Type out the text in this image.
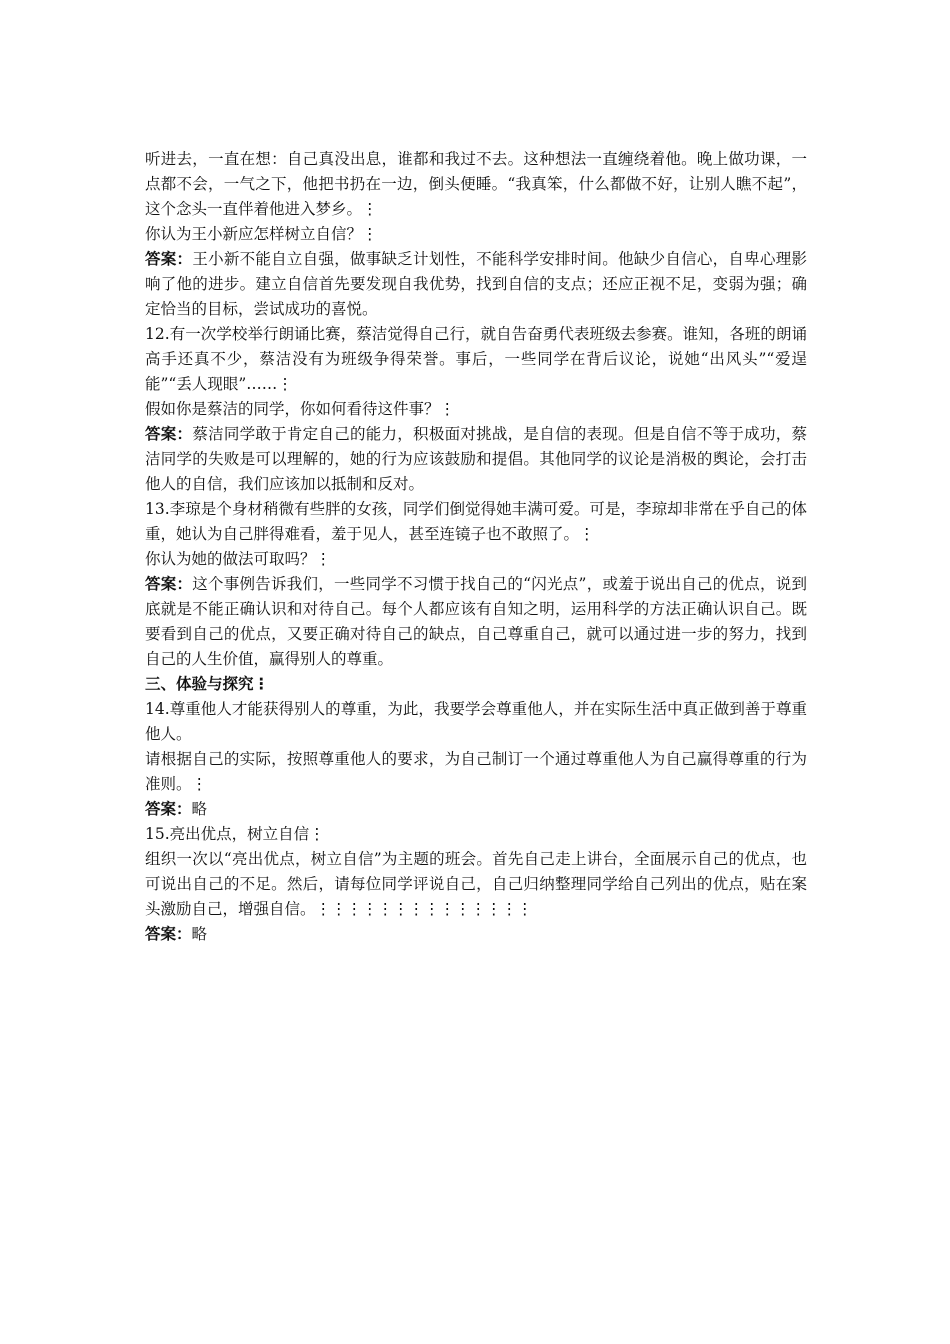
听进去，一直在想：自己真没出息，谁都和我过不去。这种想法一直缠绕着他。晚上做功课，一点都不会，一气之下，他把书扔在一边，倒头便睡。“我真笨，什么都做不好，让别人瞧不起”，这个念头一直伴着他进入梦乡。⋮

你认为王小新应怎样树立自信？⋮

答案：王小新不能自立自强，做事缺乏计划性，不能科学安排时间。他缺少自信心，自卑心理影响了他的进步。建立自信首先要发现自我优势，找到自信的支点；还应正视不足，变弱为强；确定恰当的目标，尝试成功的喜悦。

12.有一次学校举行朗诵比赛，蔡洁觉得自己行，就自告奋勇代表班级去参赛。谁知，各班的朗诵高手还真不少，蔡洁没有为班级争得荣誉。事后，一些同学在背后议论，说她“出风头”“爱逞能”“丢人现眼”……⋮

假如你是蔡洁的同学，你如何看待这件事？⋮

答案：蔡洁同学敢于肯定自己的能力，积极面对挑战，是自信的表现。但是自信不等于成功，蔡洁同学的失败是可以理解的，她的行为应该鼓励和提倡。其他同学的议论是消极的舆论，会打击他人的自信，我们应该加以抵制和反对。

13.李琼是个身材稍微有些胖的女孩，同学们倒觉得她丰满可爱。可是，李琼却非常在乎自己的体重，她认为自己胖得难看，羞于见人，甚至连镜子也不敢照了。⋮

你认为她的做法可取吗？⋮

答案：这个事例告诉我们，一些同学不习惯于找自己的“闪光点”，或羞于说出自己的优点，说到底就是不能正确认识和对待自己。每个人都应该有自知之明，运用科学的方法正确认识自己。既要看到自己的优点，又要正确对待自己的缺点，自己尊重自己，就可以通过进一步的努力，找到自己的人生价值，赢得别人的尊重。

三、体验与探究⋮

14.尊重他人才能获得别人的尊重，为此，我要学会尊重他人，并在实际生活中真正做到善于尊重他人。

请根据自己的实际，按照尊重他人的要求，为自己制订一个通过尊重他人为自己赢得尊重的行为准则。⋮

答案：略

15.亮出优点，树立自信⋮

组织一次以“亮出优点，树立自信”为主题的班会。首先自己走上讲台，全面展示自己的优点，也可说出自己的不足。然后，请每位同学评说自己，自己归纳整理同学给自己列出的优点，贴在案头激励自己，增强自信。⋮⋮⋮⋮⋮⋮⋮⋮⋮⋮⋮⋮⋮⋮

答案：略
